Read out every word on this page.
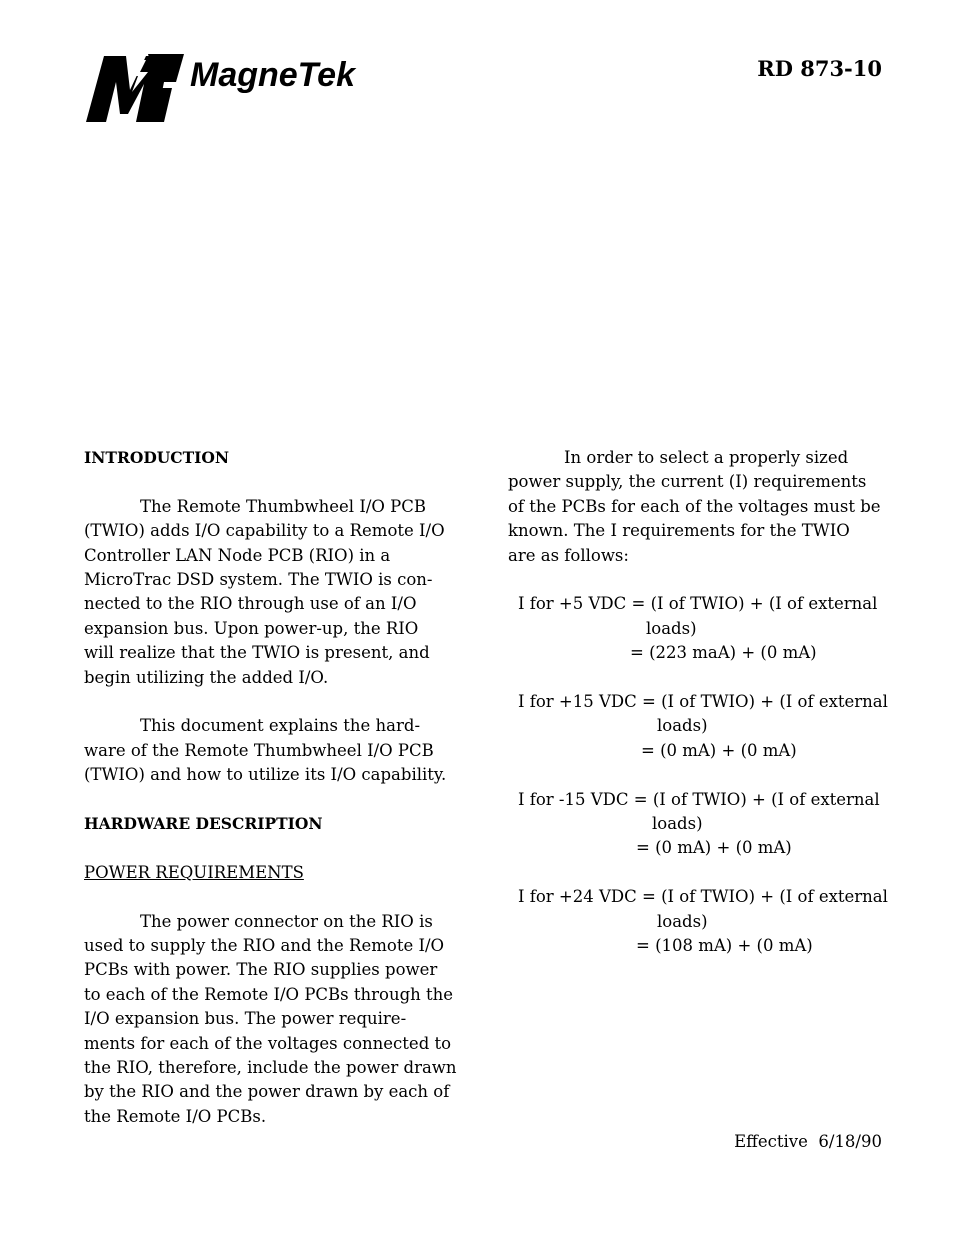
MagneTek	RD 873-10

INTRODUCTION

The Remote Thumbwheel I/O PCB
(TWIO) adds I/O capability to a Remote I/O
Controller LAN Node PCB (RIO) in a
MicroTrac DSD system. The TWIO is con-
nected to the RIO through use of an I/O
expansion bus. Upon power-up, the RIO
will realize that the TWIO is present, and
begin utilizing the added I/O.
This document explains the hard-
ware of the Remote Thumbwheel I/O PCB
(TWIO) and how to utilize its I/O capability.

HARDWARE DESCRIPTION

POWER REQUIREMENTS

The power connector on the RIO is
used to supply the RIO and the Remote I/O
PCBs with power. The RIO supplies power
to each of the Remote I/O PCBs through the
I/O expansion bus. The power require-
ments for each of the voltages connected to
the RIO, therefore, include the power drawn
by the RIO and the power drawn by each of
the Remote I/O PCBs.
In order to select a properly sized
power supply, the current (I) requirements
of the PCBs for each of the voltages must be
known. The I requirements for the TWIO
are as follows:
I for +5 VDC = (I of TWIO) + (I of external
loads)
= (223 maA) + (0 mA)
I for +15 VDC = (I of TWIO) + (I of external
loads)
= (0 mA) + (0 mA)
I for -15 VDC = (I of TWIO) + (I of external
loads)
= (0 mA) + (0 mA)
I for +24 VDC = (I of TWIO) + (I of external
loads)
= (108 mA) + (0 mA)
Effective  6/18/90
